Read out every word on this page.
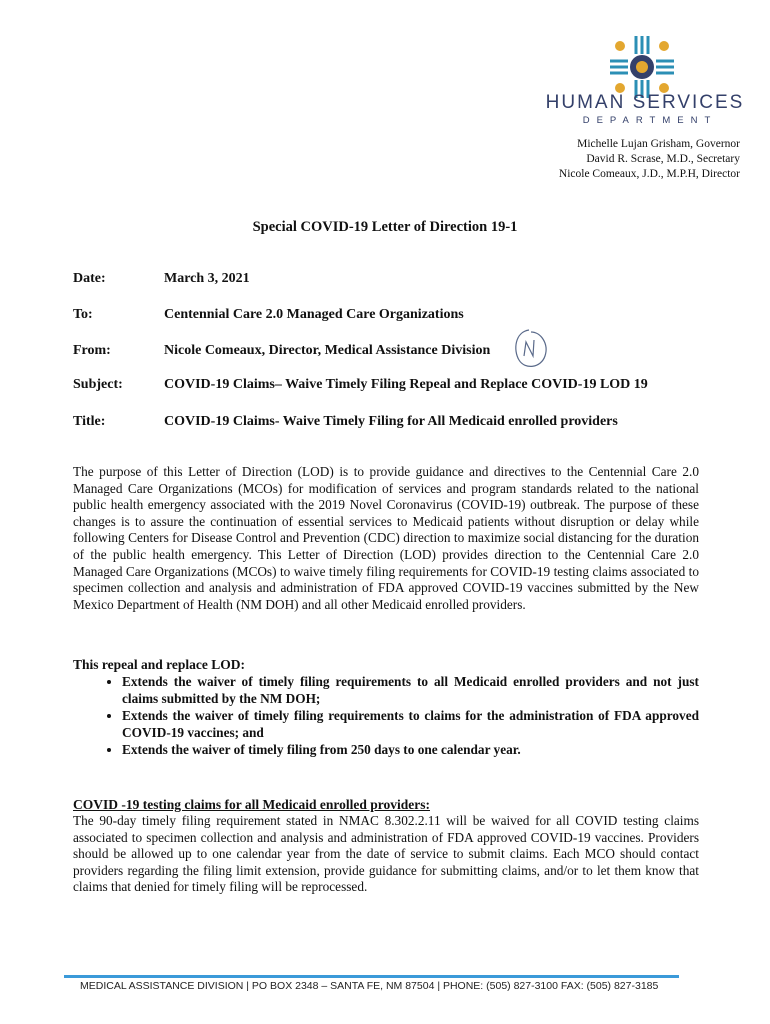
HUMAN SERVICES
DEPARTMENT
Michelle Lujan Grisham, Governor
David R. Scrase, M.D., Secretary
Nicole Comeaux, J.D., M.P.H, Director
Special COVID-19 Letter of Direction 19-1
Date:	March 3, 2021
To:	Centennial Care 2.0 Managed Care Organizations
From:	Nicole Comeaux, Director, Medical Assistance Division
Subject:	COVID-19 Claims– Waive Timely Filing Repeal and Replace COVID-19 LOD 19
Title:	COVID-19 Claims- Waive Timely Filing for All Medicaid enrolled providers

The purpose of this Letter of Direction (LOD) is to provide guidance and directives to the Centennial Care 2.0 Managed Care Organizations (MCOs) for modification of services and program standards related to the national public health emergency associated with the 2019 Novel Coronavirus (COVID-19) outbreak. The purpose of these changes is to assure the continuation of essential services to Medicaid patients without disruption or delay while following Centers for Disease Control and Prevention (CDC) direction to maximize social distancing for the duration of the public health emergency. This Letter of Direction (LOD) provides direction to the Centennial Care 2.0 Managed Care Organizations (MCOs) to waive timely filing requirements for COVID-19 testing claims associated to specimen collection and analysis and administration of FDA approved COVID-19 vaccines submitted by the New Mexico Department of Health (NM DOH) and all other Medicaid enrolled providers.

This repeal and replace LOD:
• Extends the waiver of timely filing requirements to all Medicaid enrolled providers and not just claims submitted by the NM DOH;
• Extends the waiver of timely filing requirements to claims for the administration of FDA approved COVID-19 vaccines; and
• Extends the waiver of timely filing from 250 days to one calendar year.
COVID -19 testing claims for all Medicaid enrolled providers:

The 90-day timely filing requirement stated in NMAC 8.302.2.11 will be waived for all COVID testing claims associated to specimen collection and analysis and administration of FDA approved COVID-19 vaccines. Providers should be allowed up to one calendar year from the date of service to submit claims. Each MCO should contact providers regarding the filing limit extension, provide guidance for submitting claims, and/or to let them know that claims that denied for timely filing will be reprocessed.

MEDICAL ASSISTANCE DIVISION | PO BOX 2348 – SANTA FE, NM 87504 | PHONE: (505) 827-3100 FAX: (505) 827-3185
